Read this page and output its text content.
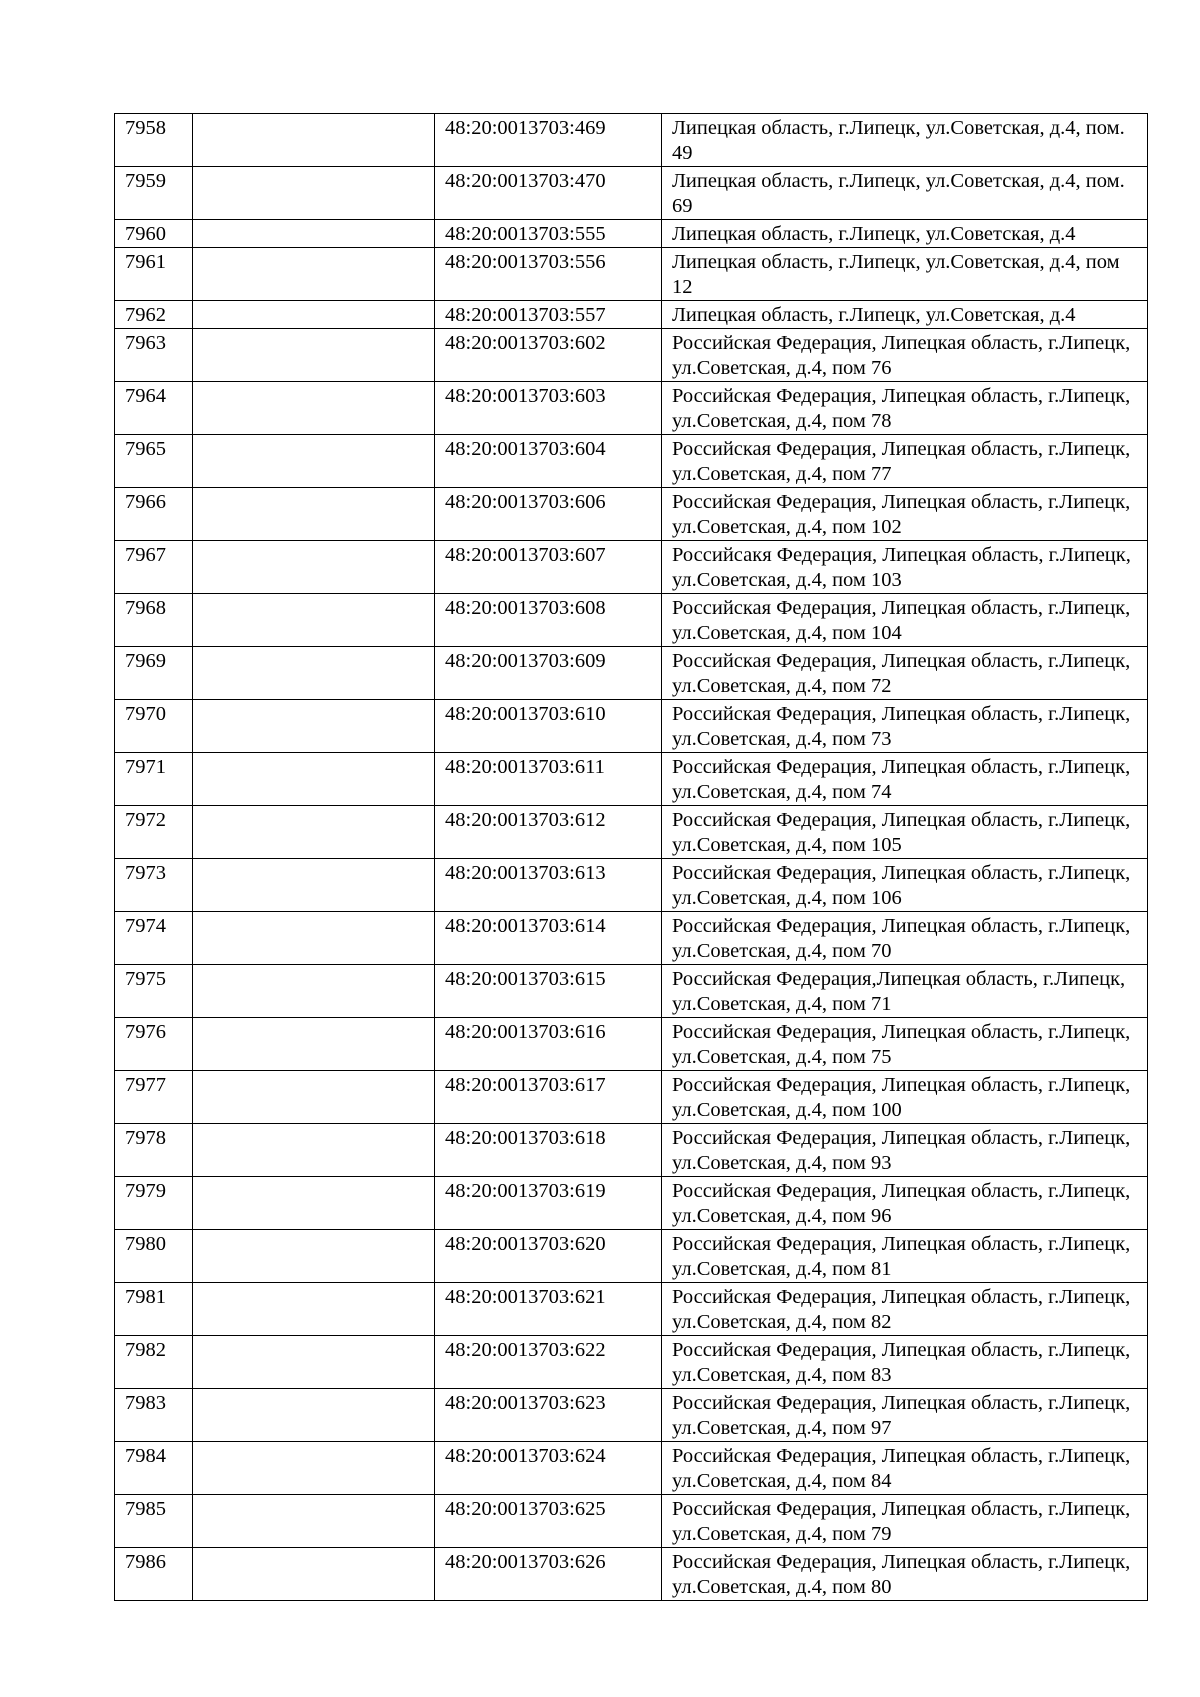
7958		48:20:0013703:469	Липецкая область, г.Липецк, ул.Советская, д.4, пом. 49
7959		48:20:0013703:470	Липецкая область, г.Липецк, ул.Советская, д.4, пом. 69
7960		48:20:0013703:555	Липецкая область, г.Липецк, ул.Советская, д.4
7961		48:20:0013703:556	Липецкая область, г.Липецк, ул.Советская, д.4, пом 12
7962		48:20:0013703:557	Липецкая область, г.Липецк, ул.Советская, д.4
7963		48:20:0013703:602	Российская Федерация, Липецкая область, г.Липецк, ул.Советская, д.4, пом 76
7964		48:20:0013703:603	Российская Федерация, Липецкая область, г.Липецк, ул.Советская, д.4, пом 78
7965		48:20:0013703:604	Российская Федерация, Липецкая область, г.Липецк, ул.Советская, д.4, пом 77
7966		48:20:0013703:606	Российская Федерация, Липецкая область, г.Липецк, ул.Советская, д.4, пом 102
7967		48:20:0013703:607	Российсакя Федерация, Липецкая область, г.Липецк, ул.Советская, д.4, пом 103
7968		48:20:0013703:608	Российская Федерация, Липецкая область, г.Липецк, ул.Советская, д.4, пом 104
7969		48:20:0013703:609	Российская Федерация, Липецкая область, г.Липецк, ул.Советская, д.4, пом 72
7970		48:20:0013703:610	Российская Федерация, Липецкая область, г.Липецк, ул.Советская, д.4, пом 73
7971		48:20:0013703:611	Российская Федерация, Липецкая область, г.Липецк, ул.Советская, д.4, пом 74
7972		48:20:0013703:612	Российская Федерация, Липецкая область, г.Липецк, ул.Советская, д.4, пом 105
7973		48:20:0013703:613	Российская Федерация, Липецкая область, г.Липецк, ул.Советская, д.4, пом 106
7974		48:20:0013703:614	Российская Федерация, Липецкая область, г.Липецк, ул.Советская, д.4, пом 70
7975		48:20:0013703:615	Российская Федерация,Липецкая область, г.Липецк, ул.Советская, д.4, пом 71
7976		48:20:0013703:616	Российская Федерация, Липецкая область, г.Липецк, ул.Советская, д.4, пом 75
7977		48:20:0013703:617	Российская Федерация, Липецкая область, г.Липецк, ул.Советская, д.4, пом 100
7978		48:20:0013703:618	Российская Федерация, Липецкая область, г.Липецк, ул.Советская, д.4, пом 93
7979		48:20:0013703:619	Российская Федерация, Липецкая область, г.Липецк, ул.Советская, д.4, пом 96
7980		48:20:0013703:620	Российская Федерация, Липецкая область, г.Липецк, ул.Советская, д.4, пом 81
7981		48:20:0013703:621	Российская Федерация, Липецкая область, г.Липецк, ул.Советская, д.4, пом 82
7982		48:20:0013703:622	Российская Федерация, Липецкая область, г.Липецк, ул.Советская, д.4, пом 83
7983		48:20:0013703:623	Российская Федерация, Липецкая область, г.Липецк, ул.Советская, д.4, пом 97
7984		48:20:0013703:624	Российская Федерация, Липецкая область, г.Липецк, ул.Советская, д.4, пом 84
7985		48:20:0013703:625	Российская Федерация, Липецкая область, г.Липецк, ул.Советская, д.4, пом 79
7986		48:20:0013703:626	Российская Федерация, Липецкая область, г.Липецк, ул.Советская, д.4, пом 80
